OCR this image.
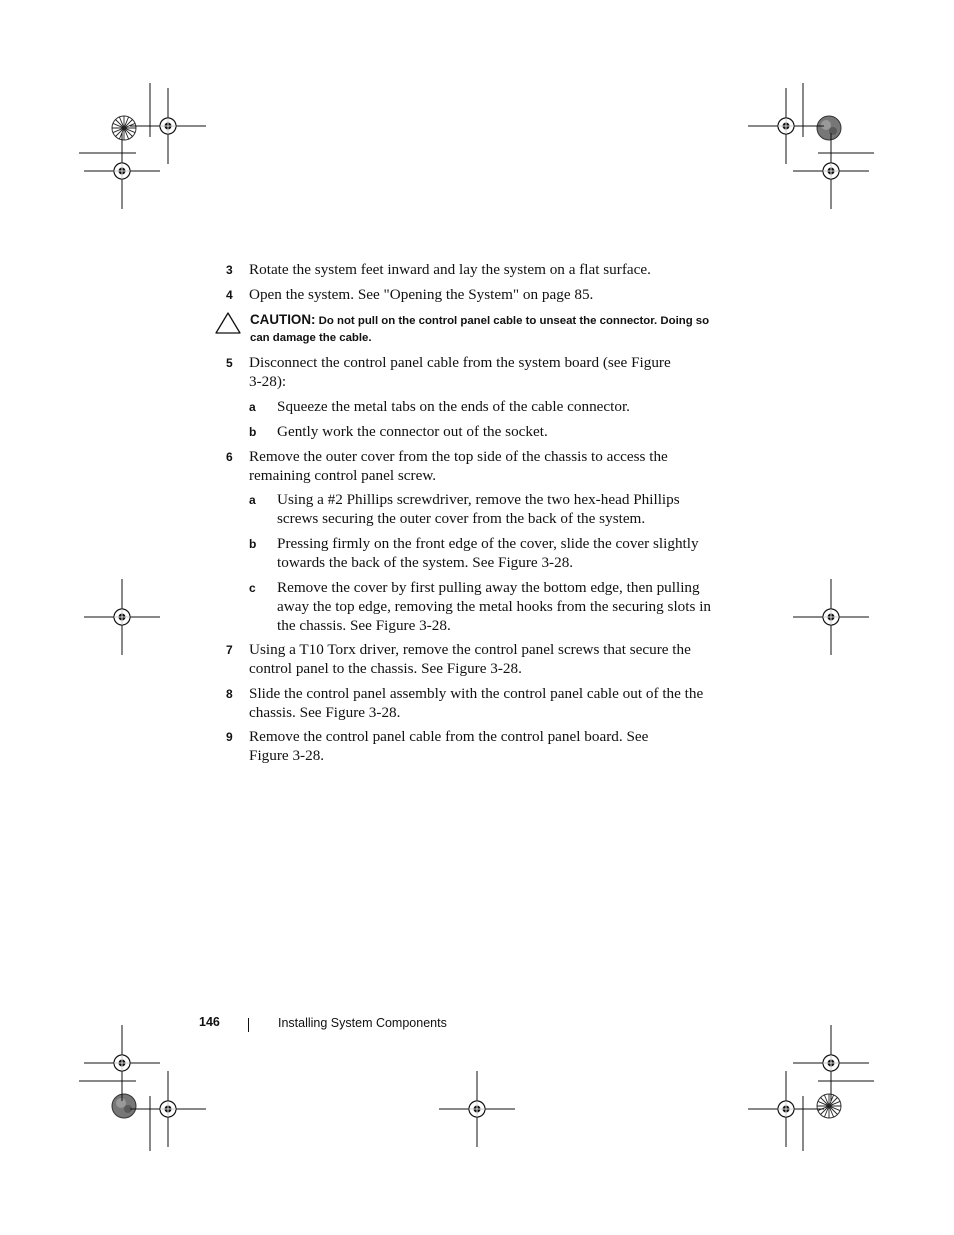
3 Rotate the system feet inward and lay the system on a flat surface.
4 Open the system. See "Opening the System" on page 85.
CAUTION: Do not pull on the control panel cable to unseat the connector. Doing so can damage the cable.
5 Disconnect the control panel cable from the system board (see Figure 3-28):
a Squeeze the metal tabs on the ends of the cable connector.
b Gently work the connector out of the socket.
6 Remove the outer cover from the top side of the chassis to access the remaining control panel screw.
a Using a #2 Phillips screwdriver, remove the two hex-head Phillips screws securing the outer cover from the back of the system.
b Pressing firmly on the front edge of the cover, slide the cover slightly towards the back of the system. See Figure 3-28.
c Remove the cover by first pulling away the bottom edge, then pulling away the top edge, removing the metal hooks from the securing slots in the chassis. See Figure 3-28.
7 Using a T10 Torx driver, remove the control panel screws that secure the control panel to the chassis. See Figure 3-28.
8 Slide the control panel assembly with the control panel cable out of the the chassis. See Figure 3-28.
9 Remove the control panel cable from the control panel board. See Figure 3-28.
146	Installing System Components
